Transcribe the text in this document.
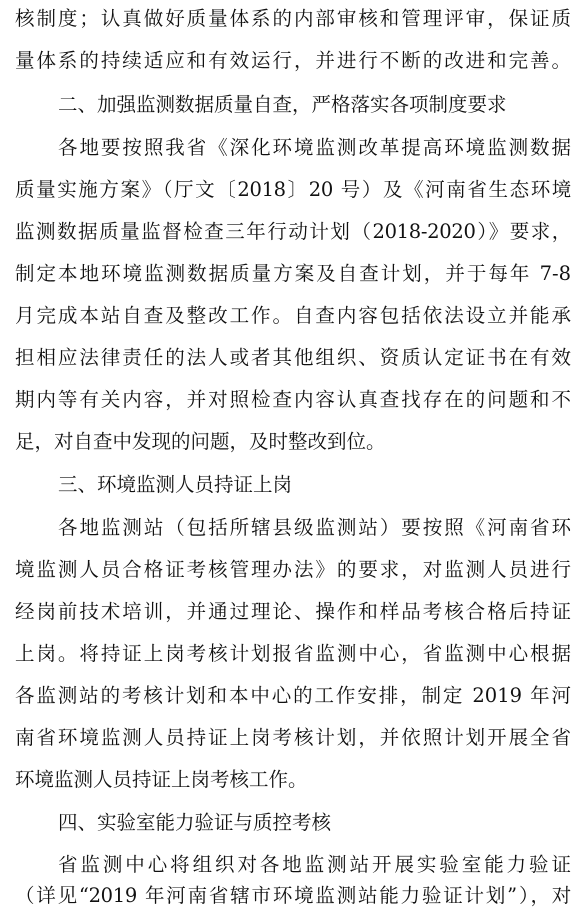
核制度；认真做好质量体系的内部审核和管理评审，保证质
量体系的持续适应和有效运行，并进行不断的改进和完善。
二、加强监测数据质量自查，严格落实各项制度要求
各地要按照我省《深化环境监测改革提高环境监测数据
质量实施方案》（厅文〔2018〕20 号）及《河南省生态环境
监测数据质量监督检查三年行动计划（2018-2020）》要求，
制定本地环境监测数据质量方案及自查计划，并于每年 7-8
月完成本站自查及整改工作。自查内容包括依法设立并能承
担相应法律责任的法人或者其他组织、资质认定证书在有效
期内等有关内容，并对照检查内容认真查找存在的问题和不
足，对自查中发现的问题，及时整改到位。
三、环境监测人员持证上岗
各地监测站（包括所辖县级监测站）要按照《河南省环
境监测人员合格证考核管理办法》的要求，对监测人员进行
经岗前技术培训，并通过理论、操作和样品考核合格后持证
上岗。将持证上岗考核计划报省监测中心，省监测中心根据
各监测站的考核计划和本中心的工作安排，制定 2019 年河
南省环境监测人员持证上岗考核计划，并依照计划开展全省
环境监测人员持证上岗考核工作。
四、实验室能力验证与质控考核
省监测中心将组织对各地监测站开展实验室能力验证
（详见“2019 年河南省辖市环境监测站能力验证计划”），对
